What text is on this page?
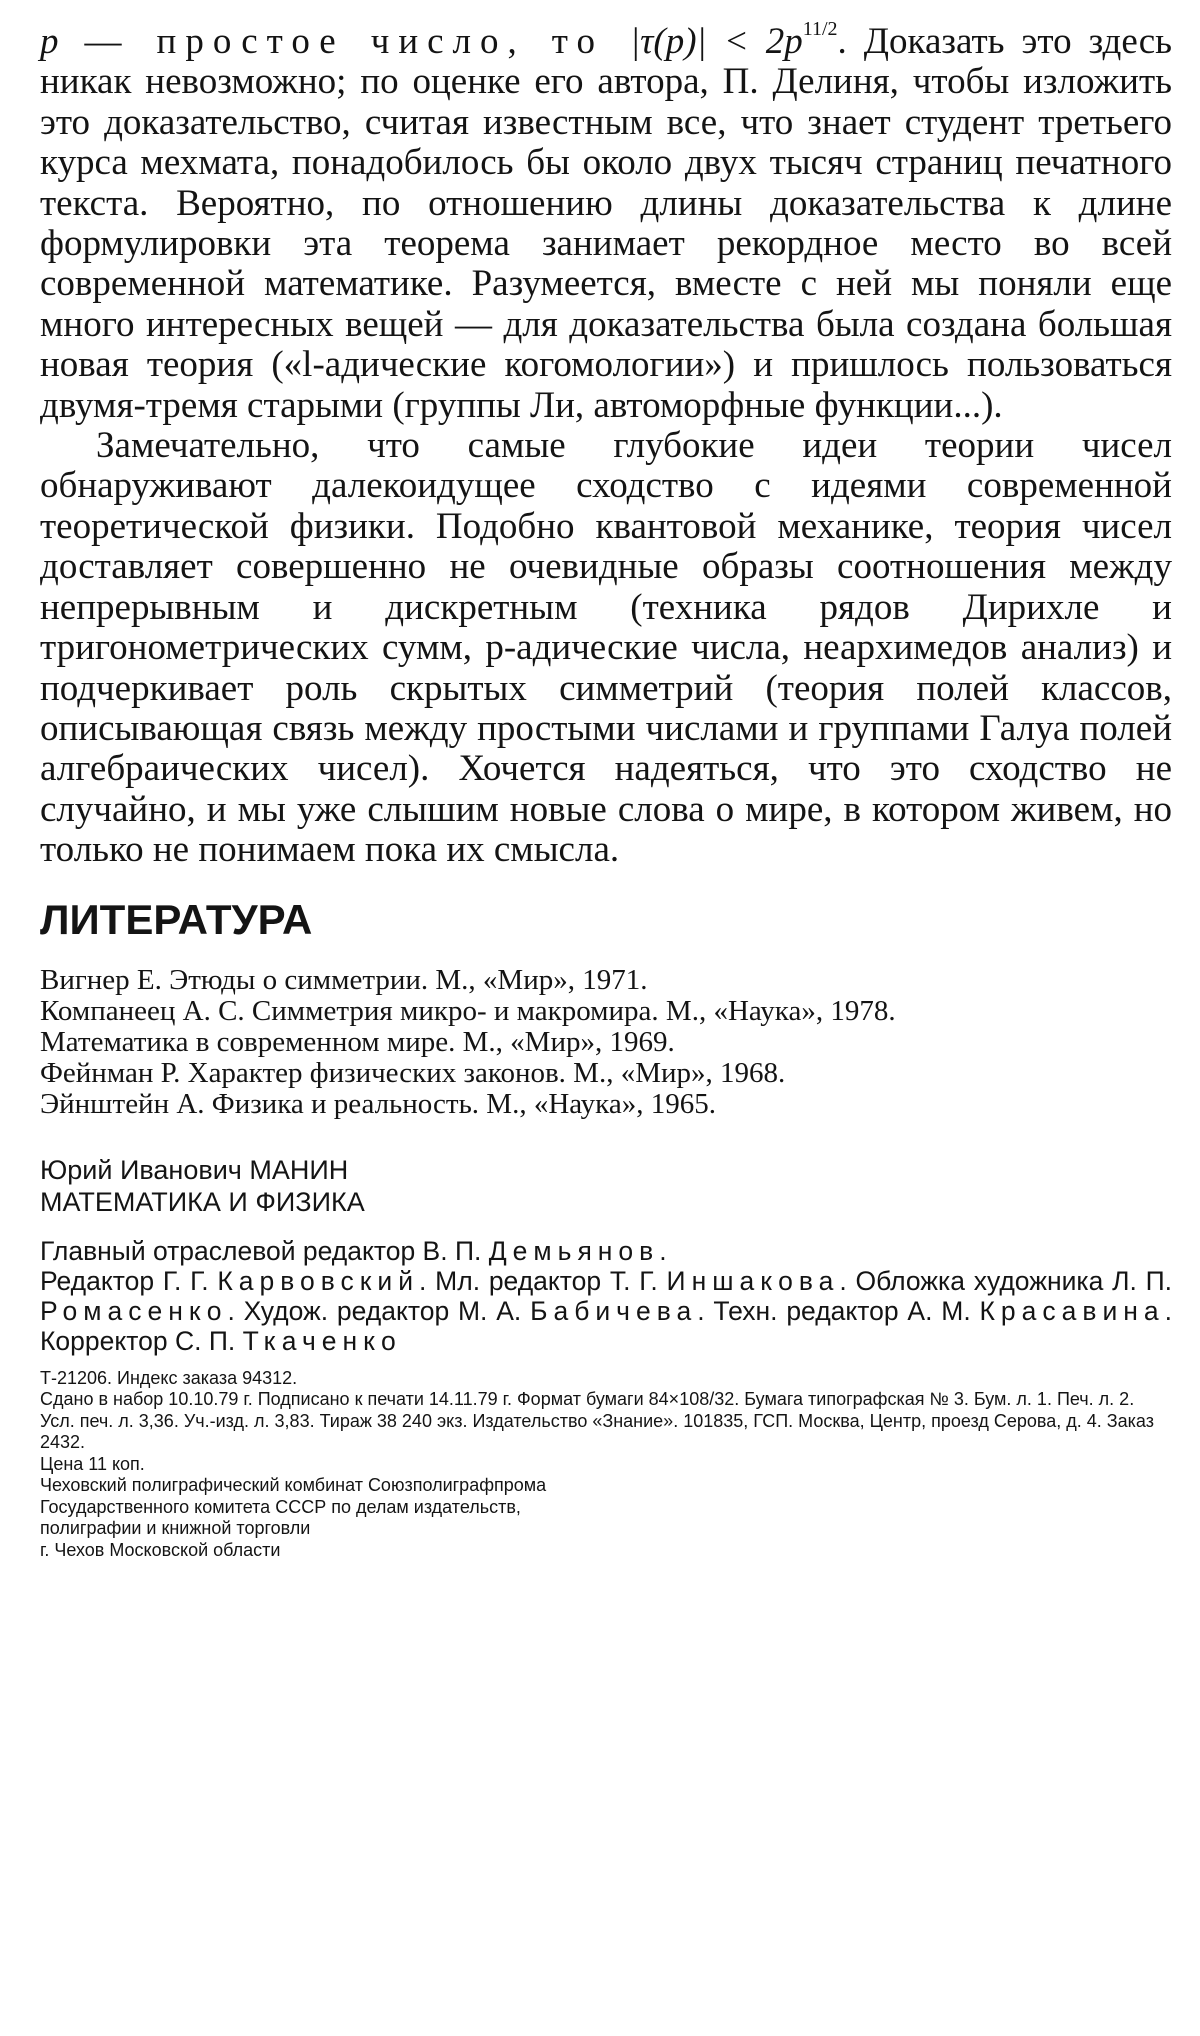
p — простое число, то $|\tau(p)| < 2p^{11/2}$. Доказать это здесь никак невозможно; по оценке его автора, П. Делиня, чтобы изложить это доказательство, считая известным все, что знает студент третьего курса мехмата, понадобилось бы около двух тысяч страниц печатного текста. Вероятно, по отношению длины доказательства к длине формулировки эта теорема занимает рекордное место во всей современной математике. Разумеется, вместе с ней мы поняли еще много интересных вещей — для доказательства была создана большая новая теория («l-адические когомологии») и пришлось пользоваться двумя-тремя старыми (группы Ли, автоморфные функции...).

Замечательно, что самые глубокие идеи теории чисел обнаруживают далекоидущее сходство с идеями современной теоретической физики. Подобно квантовой механике, теория чисел доставляет совершенно не очевидные образы соотношения между непрерывным и дискретным (техника рядов Дирихле и тригонометрических сумм, p-адические числа, неархимедов анализ) и подчеркивает роль скрытых симметрий (теория полей классов, описывающая связь между простыми числами и группами Галуа полей алгебраических чисел). Хочется надеяться, что это сходство не случайно, и мы уже слышим новые слова о мире, в котором живем, но только не понимаем пока их смысла.

ЛИТЕРАТУРА
Вигнер Е. Этюды о симметрии. М., «Мир», 1971.
Компанеец А. С. Симметрия микро- и макромира. М., «Наука», 1978.
Математика в современном мире. М., «Мир», 1969.
Фейнман Р. Характер физических законов. М., «Мир», 1968.
Эйнштейн А. Физика и реальность. М., «Наука», 1965.
Юрий Иванович МАНИН
МАТЕМАТИКА И ФИЗИКА

Главный отраслевой редактор В. П. Демьянов.

Редактор Г. Г. Карвовский. Мл. редактор Т. Г. Иншакова. Обложка художника Л. П. Ромасенко. Худож. редактор М. А. Бабичева. Техн. редактор А. М. Красавина. Корректор С. П. Ткаченко

Т-21206. Индекс заказа 94312.
Сдано в набор 10.10.79 г. Подписано к печати 14.11.79 г. Формат бумаги 84×108/32. Бумага типографская № 3. Бум. л. 1. Печ. л. 2. Усл. печ. л. 3,36. Уч.-изд. л. 3,83. Тираж 38 240 экз. Издательство «Знание». 101835, ГСП. Москва, Центр, проезд Серова, д. 4. Заказ 2432.
Цена 11 коп.
Чеховский полиграфический комбинат Союзполиграфпрома
Государственного комитета СССР по делам издательств,
полиграфии и книжной торговли
г. Чехов Московской области
